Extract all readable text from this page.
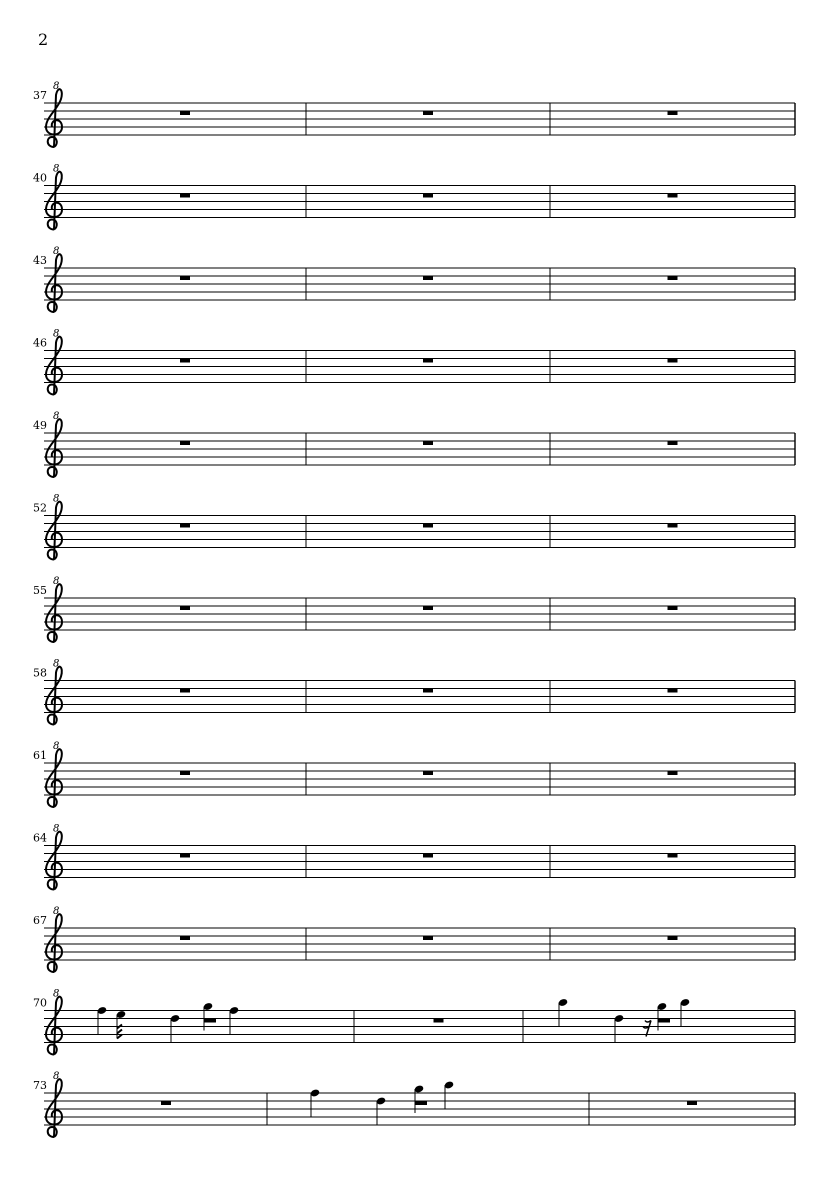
2
37
8
40
8
43
8
46
8
49
8
52
8
55
8
58
8
61
8
64
8
67
8
70
8
73
8
